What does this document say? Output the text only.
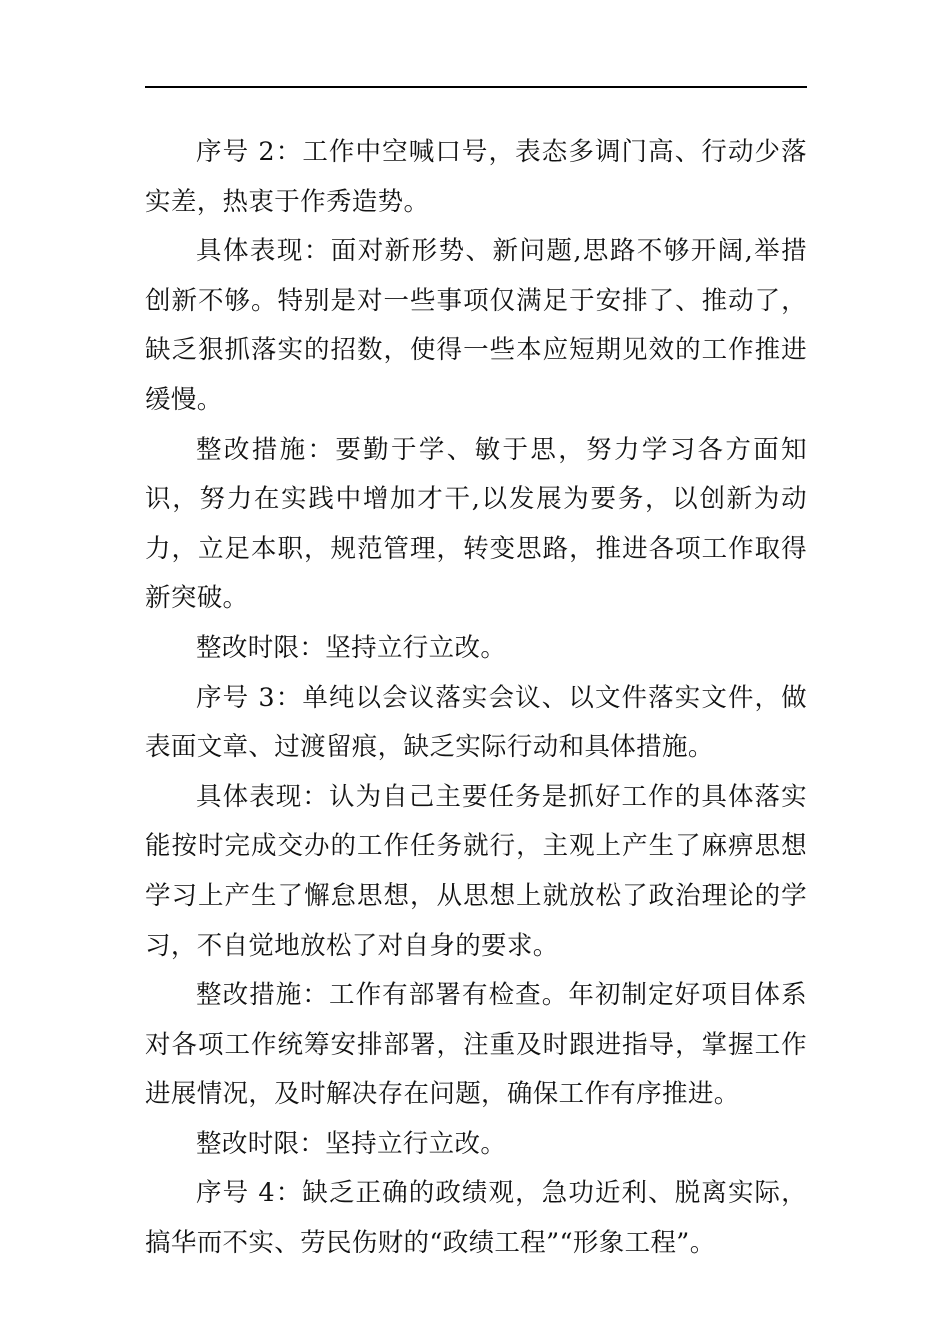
序号 2：工作中空喊口号，表态多调门高、行动少落实差，热衷于作秀造势。

具体表现：面对新形势、新问题,思路不够开阔,举措创新不够。特别是对一些事项仅满足于安排了、推动了，缺乏狠抓落实的招数，使得一些本应短期见效的工作推进缓慢。

整改措施：要勤于学、敏于思，努力学习各方面知识，努力在实践中增加才干,以发展为要务，以创新为动力，立足本职，规范管理，转变思路，推进各项工作取得新突破。

整改时限：坚持立行立改。

序号 3：单纯以会议落实会议、以文件落实文件，做表面文章、过渡留痕，缺乏实际行动和具体措施。

具体表现：认为自己主要任务是抓好工作的具体落实能按时完成交办的工作任务就行，主观上产生了麻痹思想学习上产生了懈怠思想，从思想上就放松了政治理论的学习，不自觉地放松了对自身的要求。

整改措施：工作有部署有检查。年初制定好项目体系对各项工作统筹安排部署，注重及时跟进指导，掌握工作进展情况，及时解决存在问题，确保工作有序推进。

整改时限：坚持立行立改。

序号 4：缺乏正确的政绩观，急功近利、脱离实际，搞华而不实、劳民伤财的“政绩工程”“形象工程”。
